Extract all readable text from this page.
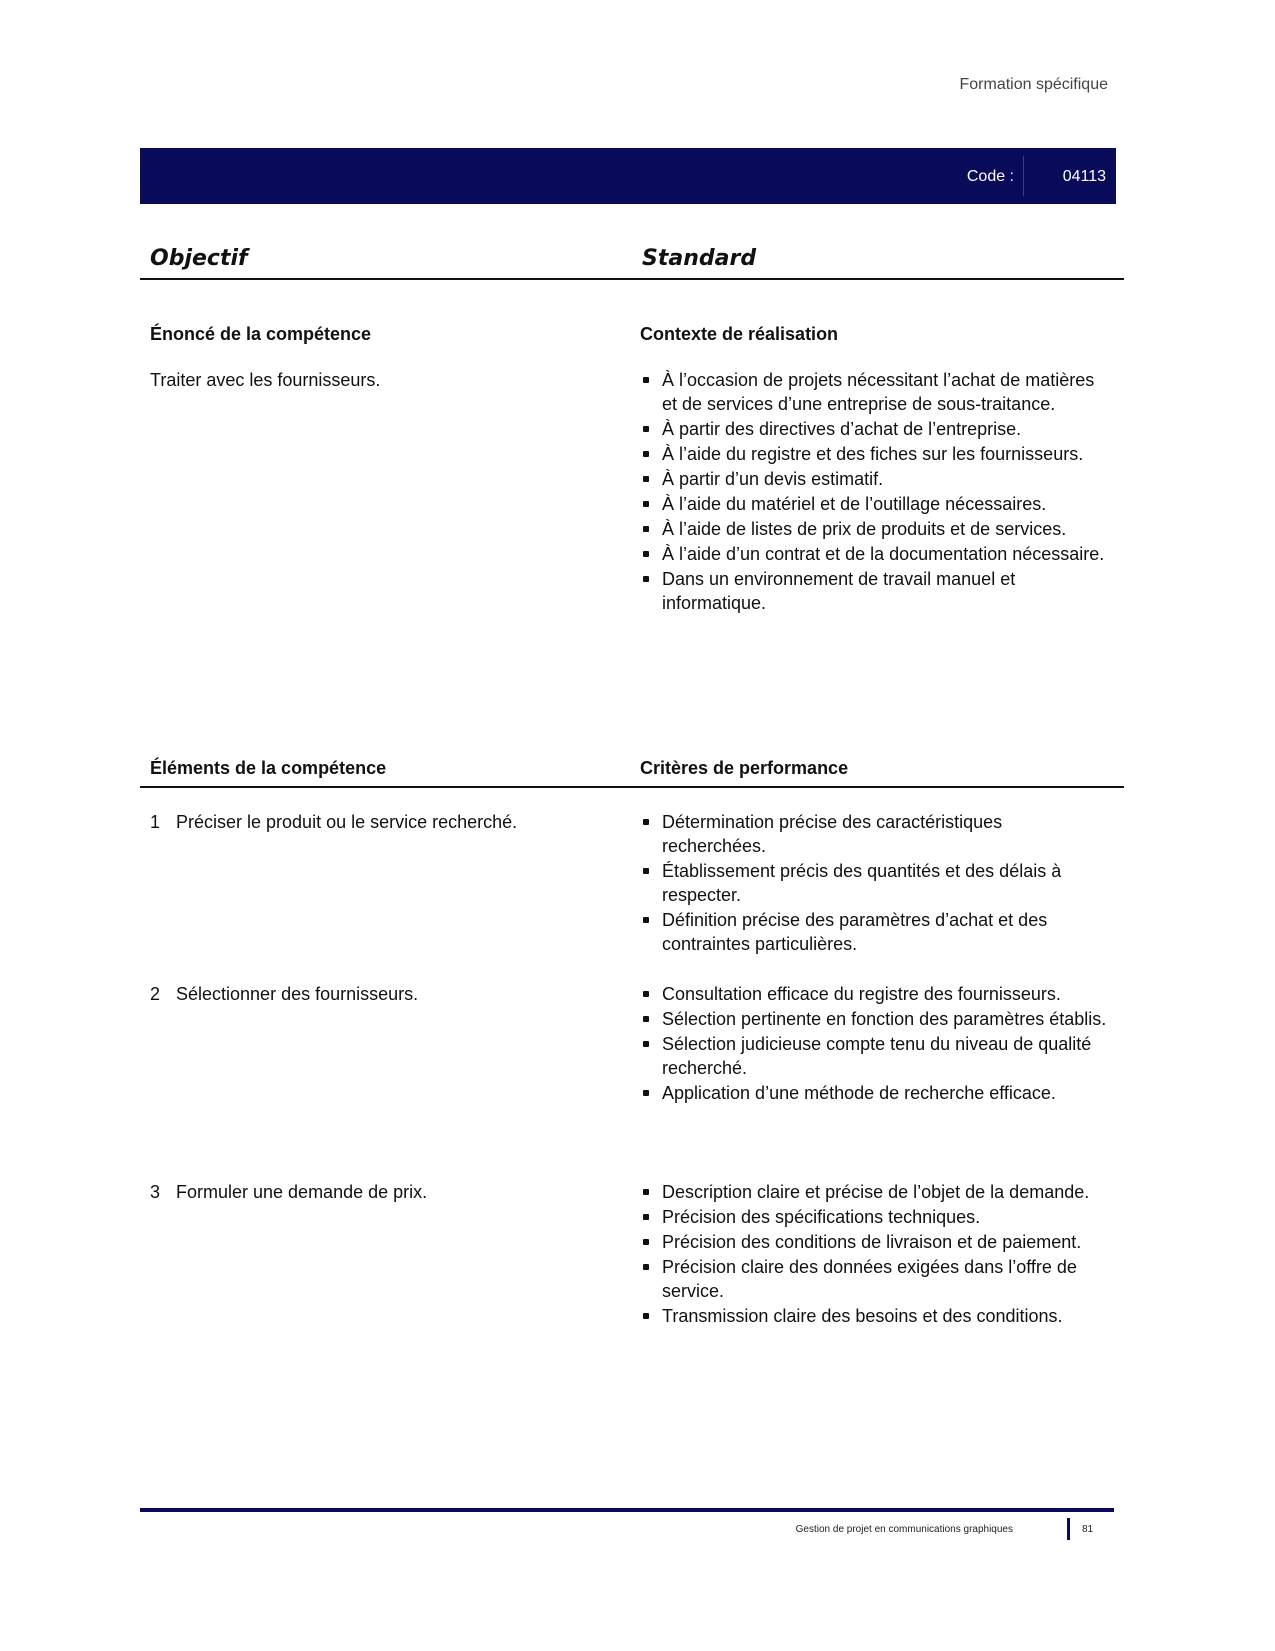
Formation spécifique
Code :	04113
Objectif	Standard
Énoncé de la compétence	Contexte de réalisation
Traiter avec les fournisseurs.	À l’occasion de projets nécessitant l’achat de matières et de services d’une entreprise de sous-traitance.
À partir des directives d’achat de l’entreprise.
À l’aide du registre et des fiches sur les fournisseurs.
À partir d’un devis estimatif.
À l’aide du matériel et de l’outillage nécessaires.
À l’aide de listes de prix de produits et de services.
À l’aide d’un contrat et de la documentation nécessaire.
Dans un environnement de travail manuel et informatique.
Éléments de la compétence	Critères de performance
1 Préciser le produit ou le service recherché.	Détermination précise des caractéristiques recherchées.
Établissement précis des quantités et des délais à respecter.
Définition précise des paramètres d’achat et des contraintes particulières.
2 Sélectionner des fournisseurs.	Consultation efficace du registre des fournisseurs.
Sélection pertinente en fonction des paramètres établis.
Sélection judicieuse compte tenu du niveau de qualité recherché.
Application d’une méthode de recherche efficace.
3 Formuler une demande de prix.	Description claire et précise de l’objet de la demande.
Précision des spécifications techniques.
Précision des conditions de livraison et de paiement.
Précision claire des données exigées dans l’offre de service.
Transmission claire des besoins et des conditions.
Gestion de projet en communications graphiques	81
